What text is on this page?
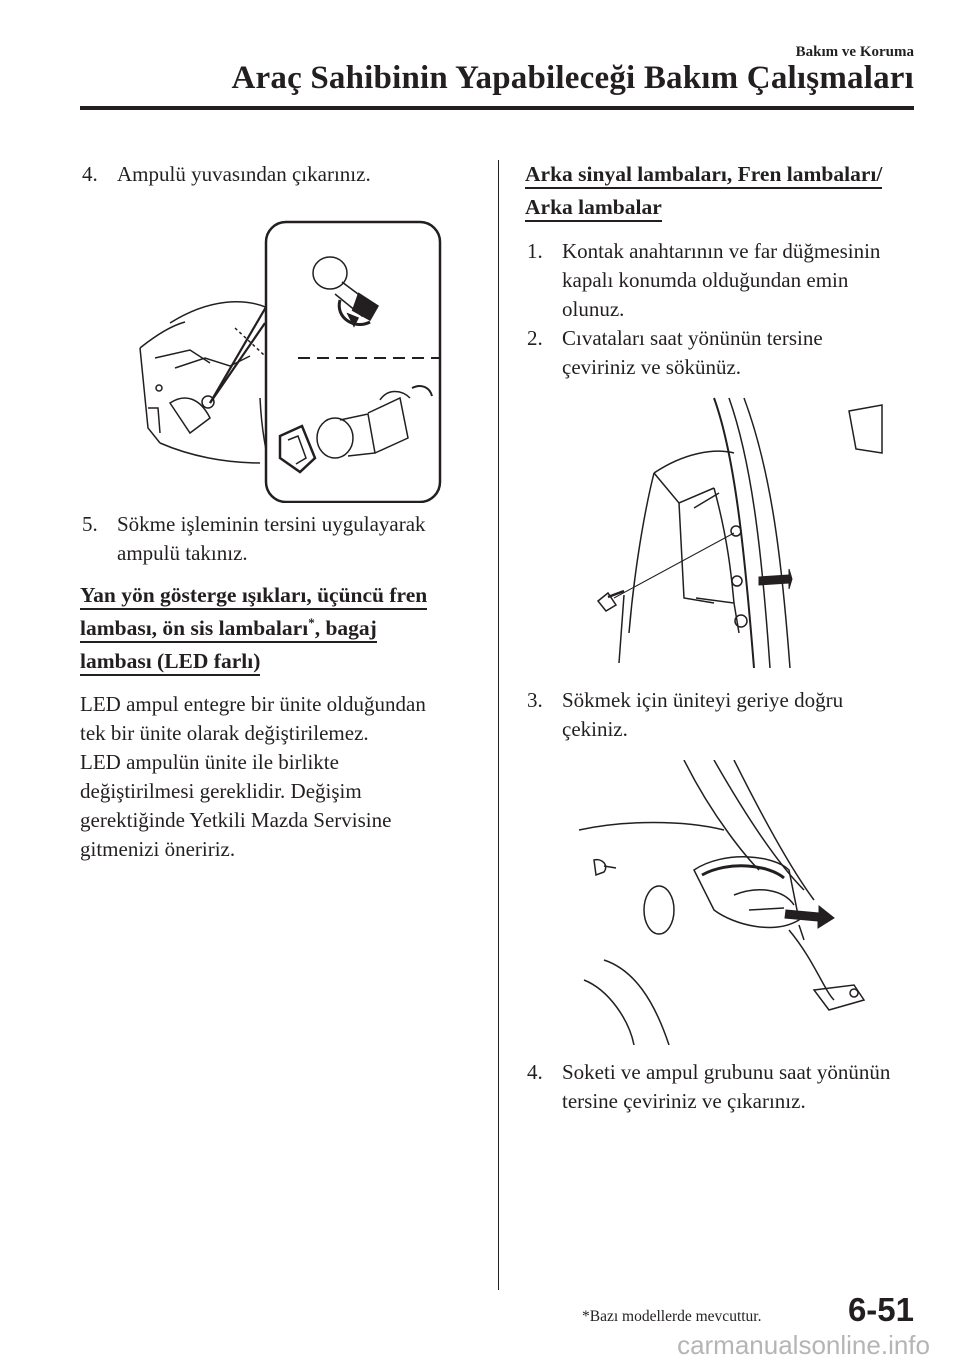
Bakım ve Koruma
Araç Sahibinin Yapabileceği Bakım Çalışmaları

4. Ampulü yuvasından çıkarınız.

5. Sökme işleminin tersini uygulayarak
ampulü takınız.

Yan yön gösterge ışıkları, üçüncü fren
lambası, ön sis lambaları*, bagaj
lambası (LED farlı)

LED ampul entegre bir ünite olduğundan
tek bir ünite olarak değiştirilemez.
LED ampulün ünite ile birlikte
değiştirilmesi gereklidir. Değişim
gerektiğinde Yetkili Mazda Servisine
gitmenizi öneririz.

Arka sinyal lambaları, Fren lambaları/
Arka lambalar

1. Kontak anahtarının ve far düğmesinin
kapalı konumda olduğundan emin
olunuz.

2. Cıvataları saat yönünün tersine
çeviriniz ve sökünüz.

3. Sökmek için üniteyi geriye doğru
çekiniz.

4. Soketi ve ampul grubunu saat yönünün
tersine çeviriniz ve çıkarınız.

*Bazı modellerde mevcuttur.	6-51
carmanualsonline.info
